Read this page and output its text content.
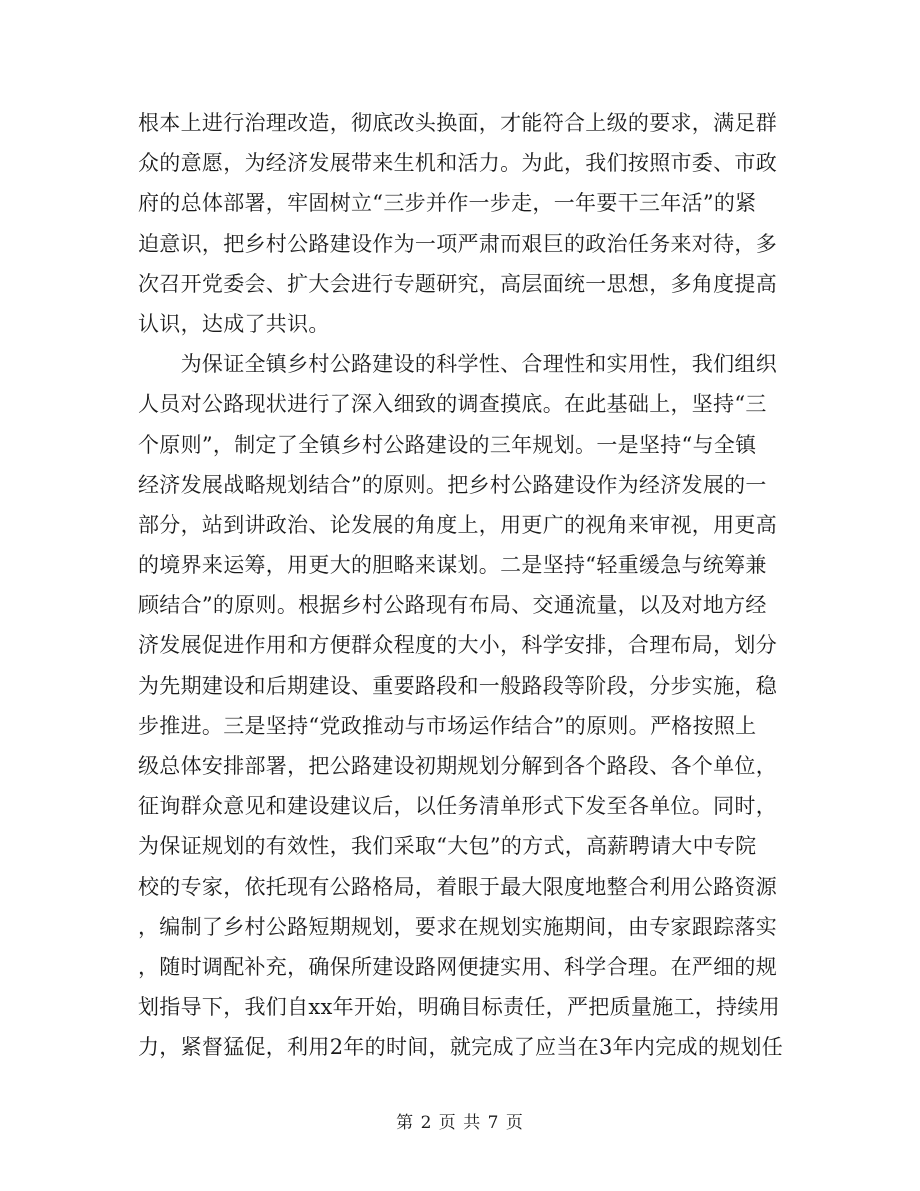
根本上进行治理改造，彻底改头换面，才能符合上级的要求，满足群
众的意愿，为经济发展带来生机和活力。为此，我们按照市委、市政
府的总体部署，牢固树立“三步并作一步走，一年要干三年活”的紧
迫意识，把乡村公路建设作为一项严肃而艰巨的政治任务来对待，多
次召开党委会、扩大会进行专题研究，高层面统一思想，多角度提高
认识，达成了共识。
　　为保证全镇乡村公路建设的科学性、合理性和实用性，我们组织
人员对公路现状进行了深入细致的调查摸底。在此基础上，坚持“三
个原则”，制定了全镇乡村公路建设的三年规划。一是坚持“与全镇
经济发展战略规划结合”的原则。把乡村公路建设作为经济发展的一
部分，站到讲政治、论发展的角度上，用更广的视角来审视，用更高
的境界来运筹，用更大的胆略来谋划。二是坚持“轻重缓急与统筹兼
顾结合”的原则。根据乡村公路现有布局、交通流量，以及对地方经
济发展促进作用和方便群众程度的大小，科学安排，合理布局，划分
为先期建设和后期建设、重要路段和一般路段等阶段，分步实施，稳
步推进。三是坚持“党政推动与市场运作结合”的原则。严格按照上
级总体安排部署，把公路建设初期规划分解到各个路段、各个单位，
征询群众意见和建设建议后，以任务清单形式下发至各单位。同时，
为保证规划的有效性，我们采取“大包”的方式，高薪聘请大中专院
校的专家，依托现有公路格局，着眼于最大限度地整合利用公路资源
，编制了乡村公路短期规划，要求在规划实施期间，由专家跟踪落实
，随时调配补充，确保所建设路网便捷实用、科学合理。在严细的规
划指导下，我们自xx年开始，明确目标责任，严把质量施工，持续用
力，紧督猛促，利用2年的时间，就完成了应当在3年内完成的规划任
第 2 页 共 7 页
